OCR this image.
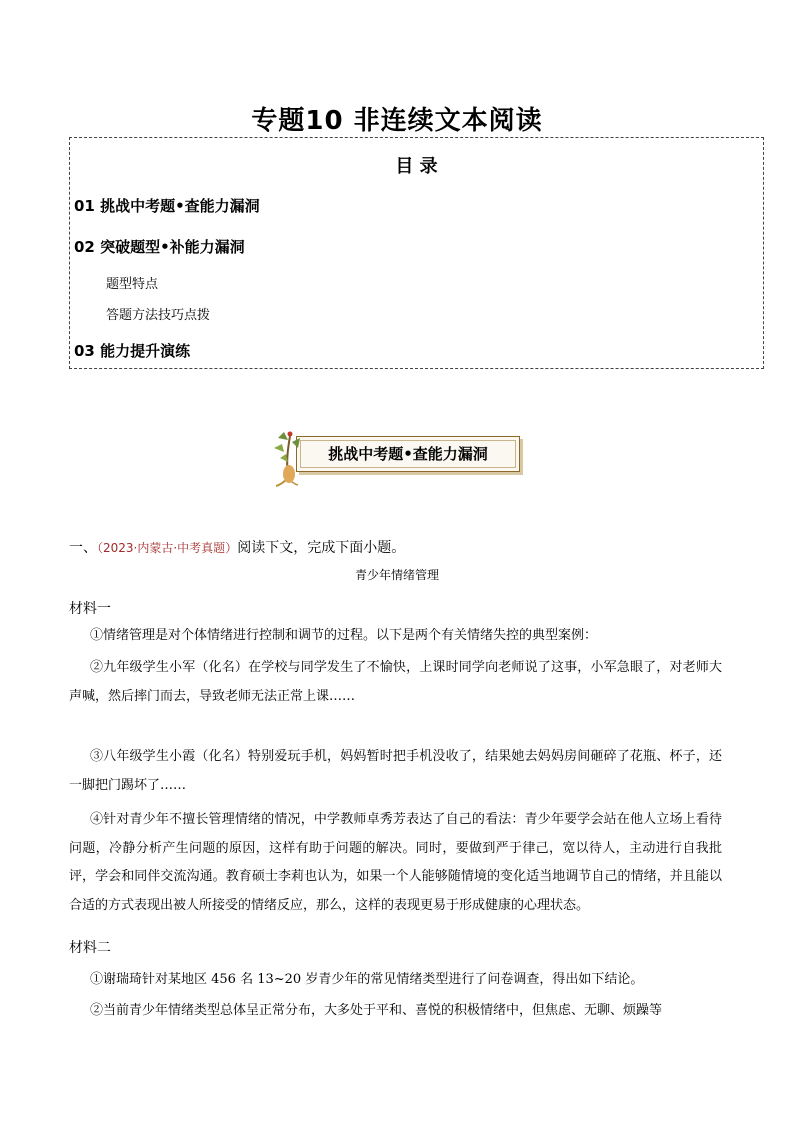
专题10 非连续文本阅读
目 录
01 挑战中考题•查能力漏洞
02 突破题型•补能力漏洞
题型特点
答题方法技巧点拨
03 能力提升演练
挑战中考题•查能力漏洞
一、（2023·内蒙古·中考真题）阅读下文，完成下面小题。
青少年情绪管理
材料一
①情绪管理是对个体情绪进行控制和调节的过程。以下是两个有关情绪失控的典型案例：
②九年级学生小军（化名）在学校与同学发生了不愉快，上课时同学向老师说了这事，小军急眼了，对老师大声喊，然后摔门而去，导致老师无法正常上课……
③八年级学生小霞（化名）特别爱玩手机，妈妈暂时把手机没收了，结果她去妈妈房间砸碎了花瓶、杯子，还一脚把门踢坏了……
④针对青少年不擅长管理情绪的情况，中学教师卓秀芳表达了自己的看法：青少年要学会站在他人立场上看待问题，冷静分析产生问题的原因，这样有助于问题的解决。同时，要做到严于律己，宽以待人，主动进行自我批评，学会和同伴交流沟通。教育硕士李莉也认为，如果一个人能够随情境的变化适当地调节自己的情绪，并且能以合适的方式表现出被人所接受的情绪反应，那么，这样的表现更易于形成健康的心理状态。
材料二
①谢瑞琦针对某地区 456 名 13~20 岁青少年的常见情绪类型进行了问卷调查，得出如下结论。
②当前青少年情绪类型总体呈正常分布，大多处于平和、喜悦的积极情绪中，但焦虑、无聊、烦躁等
